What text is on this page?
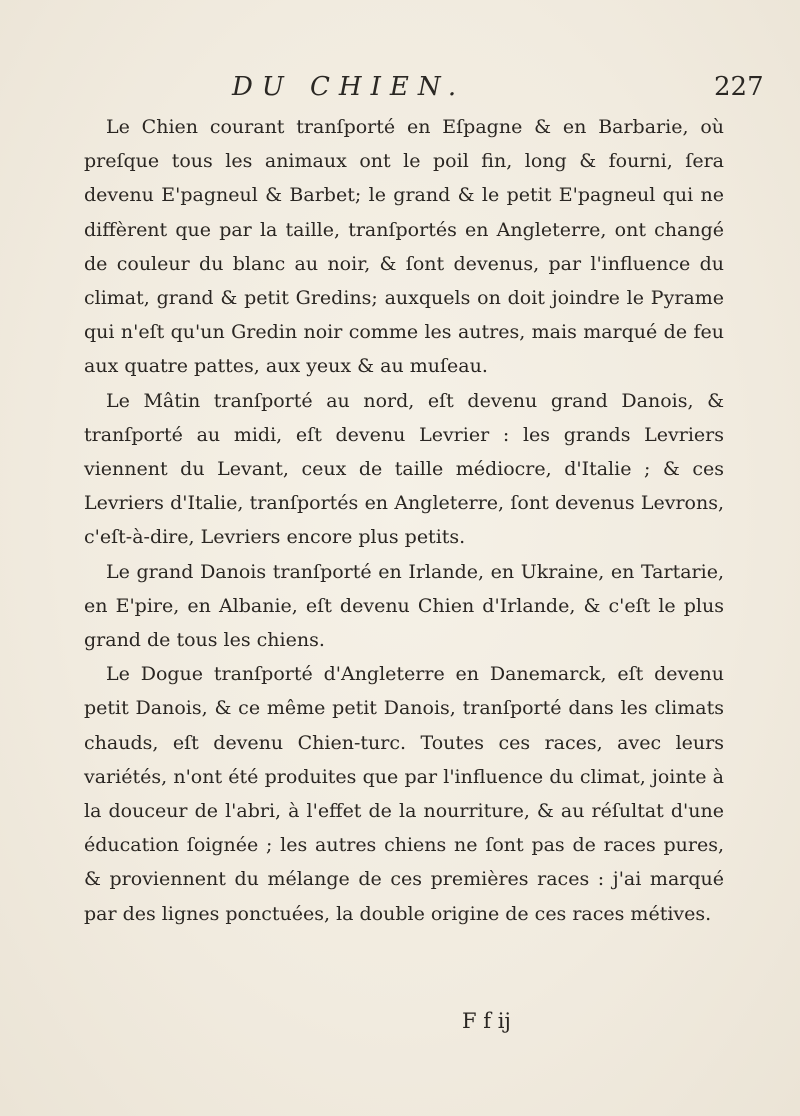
DU CHIEN.	227

Le Chien courant tranſporté en Eſpagne & en Barbarie, où preſque tous les animaux ont le poil fin, long & fourni, ſera devenu E'pagneul & Barbet; le grand & le petit E'pagneul qui ne diffèrent que par la taille, tranſportés en Angleterre, ont changé de couleur du blanc au noir, & ſont devenus, par l'influence du climat, grand & petit Gredins; auxquels on doit joindre le Pyrame qui n'eſt qu'un Gredin noir comme les autres, mais marqué de feu aux quatre pattes, aux yeux & au muſeau.

Le Mâtin tranſporté au nord, eſt devenu grand Danois, & tranſporté au midi, eſt devenu Levrier : les grands Levriers viennent du Levant, ceux de taille médiocre, d'Italie ; & ces Levriers d'Italie, tranſportés en Angleterre, ſont devenus Levrons, c'eſt-à-dire, Levriers encore plus petits.

Le grand Danois tranſporté en Irlande, en Ukraine, en Tartarie, en E'pire, en Albanie, eſt devenu Chien d'Irlande, & c'eſt le plus grand de tous les chiens.

Le Dogue tranſporté d'Angleterre en Danemarck, eſt devenu petit Danois, & ce même petit Danois, tranſporté dans les climats chauds, eſt devenu Chien-turc. Toutes ces races, avec leurs variétés, n'ont été produites que par l'influence du climat, jointe à la douceur de l'abri, à l'effet de la nourriture, & au réſultat d'une éducation ſoignée ; les autres chiens ne ſont pas de races pures, & proviennent du mélange de ces premières races : j'ai marqué par des lignes ponctuées, la double origine de ces races métives.

F f ij
